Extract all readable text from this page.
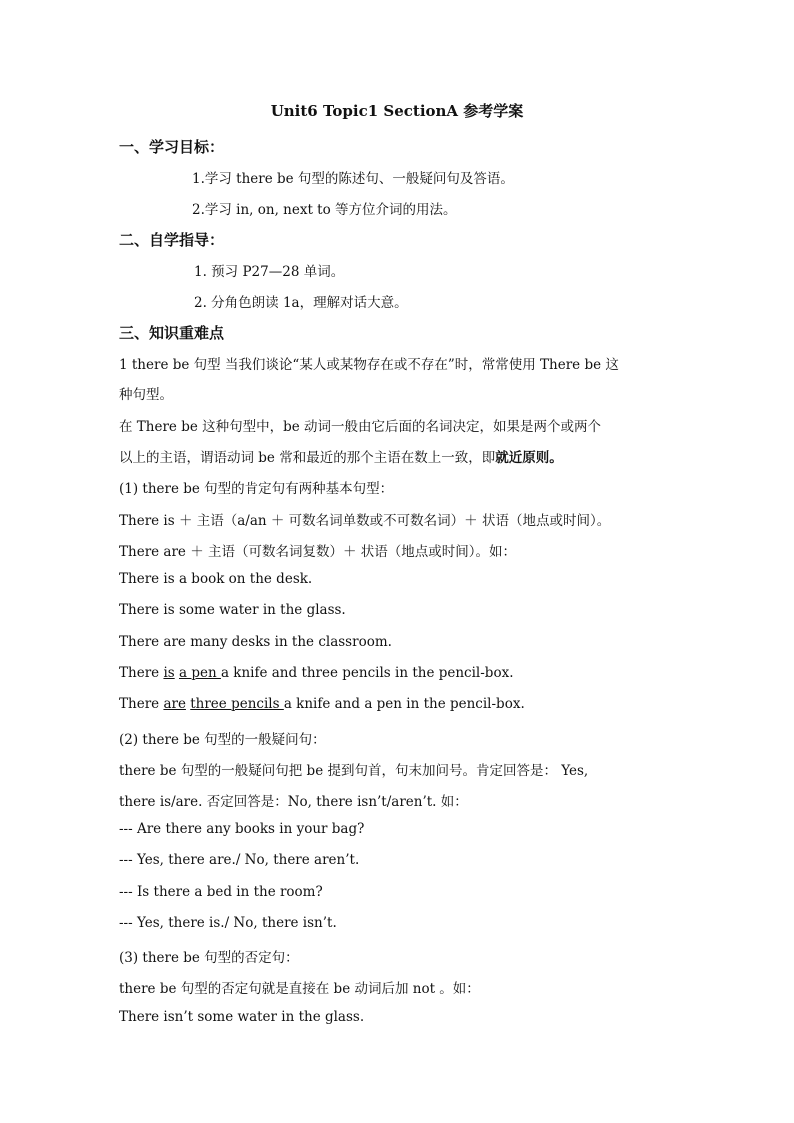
Unit6 Topic1 SectionA 参考学案
一、学习目标：
1.学习 there be 句型的陈述句、一般疑问句及答语。
2.学习 in, on, next to 等方位介词的用法。
二、自学指导：
1. 预习 P27—28 单词。
2. 分角色朗读 1a，理解对话大意。
三、知识重难点
1 there be 句型 当我们谈论“某人或某物存在或不存在”时，常常使用 There be 这
种句型。
在 There be 这种句型中，be 动词一般由它后面的名词决定，如果是两个或两个
以上的主语，谓语动词 be 常和最近的那个主语在数上一致，即就近原则。
(1) there be 句型的肯定句有两种基本句型：
There is ＋ 主语（a/an ＋ 可数名词单数或不可数名词）＋ 状语（地点或时间）。
There are ＋ 主语（可数名词复数）＋ 状语（地点或时间）。如：
There is a book on the desk.
There is some water in the glass.
There are many desks in the classroom.
There is a pen a knife and three pencils in the pencil-box.
There are three pencils a knife and a pen in the pencil-box.
(2) there be 句型的一般疑问句：
there be 句型的一般疑问句把 be 提到句首，句末加问号。肯定回答是： Yes,
there is/are. 否定回答是：No, there isn’t/aren’t. 如：
--- Are there any books in your bag?
--- Yes, there are./ No, there aren’t.
--- Is there a bed in the room?
--- Yes, there is./ No, there isn’t.
(3) there be 句型的否定句：
there be 句型的否定句就是直接在 be 动词后加 not 。如：
There isn’t some water in the glass.
